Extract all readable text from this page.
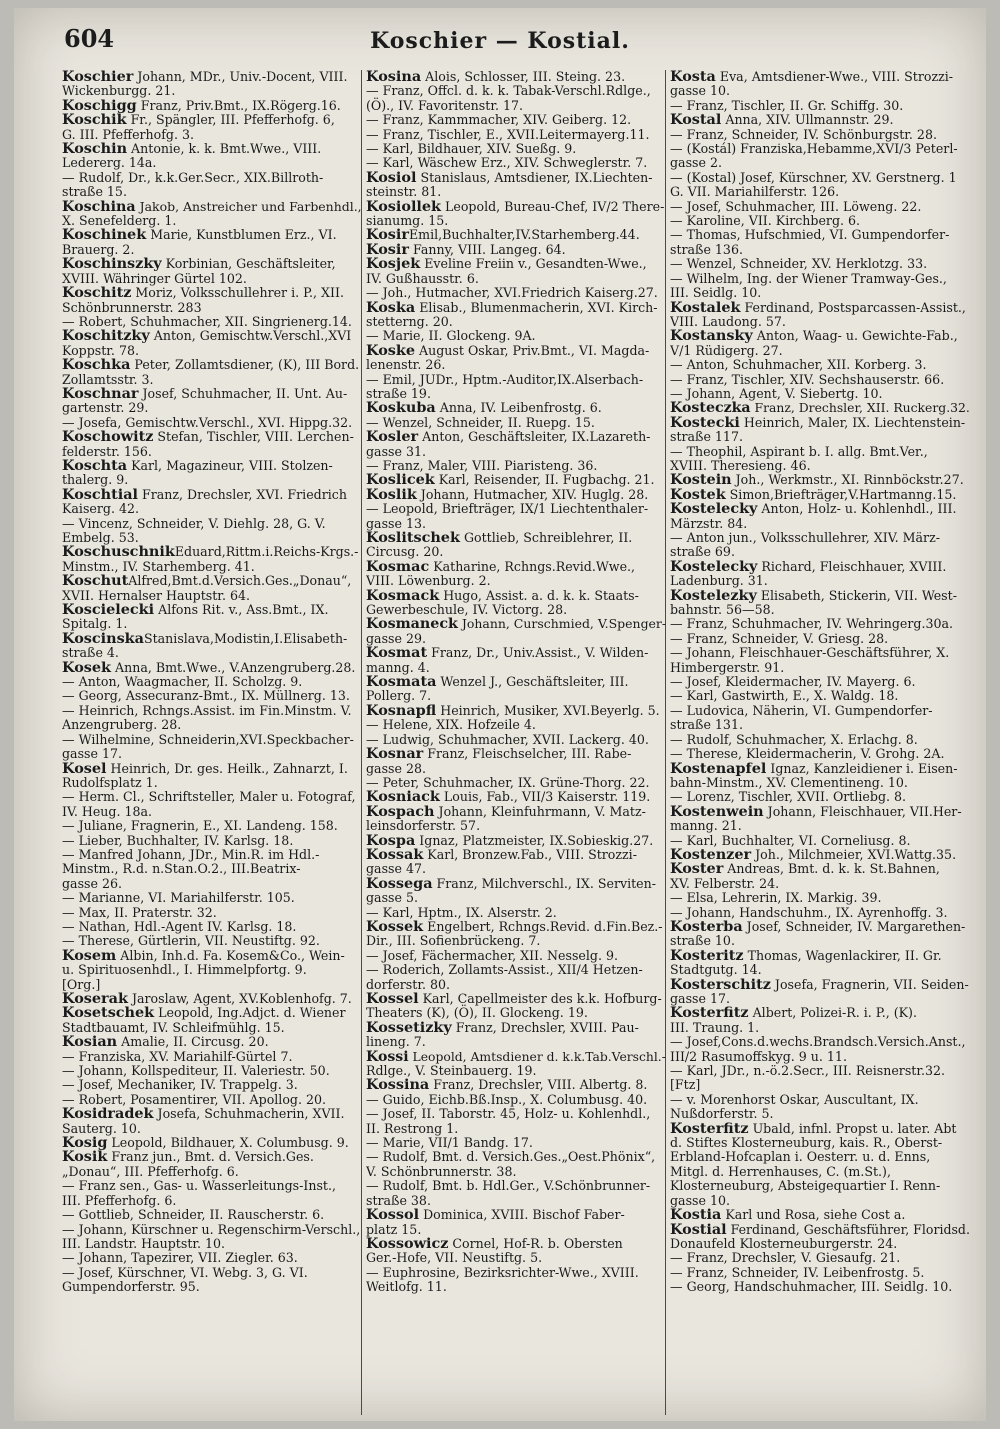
604	Koschier — Kostial.

Koschier Johann, MDr., Univ.-Docent, VIII.

Wickenburgg. 21.

Koschigg Franz, Priv.Bmt., IX.Rögerg.16.

Koschik Fr., Spängler, III. Pfefferhofg. 6,

G. III. Pfefferhofg. 3.

Koschin Antonie, k. k. Bmt.Wwe., VIII.

Ledererg. 14a.

— Rudolf, Dr., k.k.Ger.Secr., XIX.Billroth-

straße 15.

Koschina Jakob, Anstreicher und Farbenhdl.,

X. Senefelderg. 1.

Koschinek Marie, Kunstblumen Erz., VI.

Brauerg. 2.

Koschinszky Korbinian, Geschäftsleiter,

XVIII. Währinger Gürtel 102.

Koschitz Moriz, Volksschullehrer i. P., XII.

Schönbrunnerstr. 283

— Robert, Schuhmacher, XII. Singrienerg.14.

Koschitzky Anton, Gemischtw.Verschl.,XVI

Koppstr. 78.

Koschka Peter, Zollamtsdiener, (K), III Bord.

Zollamtsstr. 3.

Koschnar Josef, Schuhmacher, II. Unt. Au-

gartenstr. 29.

— Josefa, Gemischtw.Verschl., XVI. Hippg.32.

Koschowitz Stefan, Tischler, VIII. Lerchen-

felderstr. 156.

Koschta Karl, Magazineur, VIII. Stolzen-

thalerg. 9.

Koschtial Franz, Drechsler, XVI. Friedrich

Kaiserg. 42.

— Vincenz, Schneider, V. Diehlg. 28, G. V.

Embelg. 53.

KoschuschnikEduard,Rittm.i.Reichs-Krgs.-

Minstm., IV. Starhemberg. 41.

KoschutAlfred,Bmt.d.Versich.Ges.„Donau“,

XVII. Hernalser Hauptstr. 64.

Koscielecki Alfons Rit. v., Ass.Bmt., IX.

Spitalg. 1.

KoscinskaStanislava,Modistin,I.Elisabeth-

straße 4.

Kosek Anna, Bmt.Wwe., V.Anzengruberg.28.

— Anton, Waagmacher, II. Scholzg. 9.

— Georg, Assecuranz-Bmt., IX. Müllnerg. 13.

— Heinrich, Rchngs.Assist. im Fin.Minstm. V.

Anzengruberg. 28.

— Wilhelmine, Schneiderin,XVI.Speckbacher-

gasse 17.

Kosel Heinrich, Dr. ges. Heilk., Zahnarzt, I.

Rudolfsplatz 1.

— Herm. Cl., Schriftsteller, Maler u. Fotograf,

IV. Heug. 18a.

— Juliane, Fragnerin, E., XI. Landeng. 158.

— Lieber, Buchhalter, IV. Karlsg. 18.

— Manfred Johann, JDr., Min.R. im Hdl.-

Minstm., R.d. n.Stan.O.2., III.Beatrix-

gasse 26.

— Marianne, VI. Mariahilferstr. 105.

— Max, II. Praterstr. 32.

— Nathan, Hdl.-Agent IV. Karlsg. 18.

— Therese, Gürtlerin, VII. Neustiftg. 92.

Kosem Albin, Inh.d. Fa. Kosem&Co., Wein-

u. Spirituosenhdl., I. Himmelpfortg. 9.

[Org.]

Koserak Jaroslaw, Agent, XV.Koblenhofg. 7.

Kosetschek Leopold, Ing.Adjct. d. Wiener

Stadtbauamt, IV. Schleifmühlg. 15.

Kosian Amalie, II. Circusg. 20.

— Franziska, XV. Mariahilf-Gürtel 7.

— Johann, Kollspediteur, II. Valeriestr. 50.

— Josef, Mechaniker, IV. Trappelg. 3.

— Robert, Posamentirer, VII. Apollog. 20.

Kosidradek Josefa, Schuhmacherin, XVII.

Sauterg. 10.

Kosig Leopold, Bildhauer, X. Columbusg. 9.

Kosik Franz jun., Bmt. d. Versich.Ges.

„Donau“, III. Pfefferhofg. 6.

— Franz sen., Gas- u. Wasserleitungs-Inst.,

III. Pfefferhofg. 6.

— Gottlieb, Schneider, II. Rauscherstr. 6.

— Johann, Kürschner u. Regenschirm-Verschl.,

III. Landstr. Hauptstr. 10.

— Johann, Tapezirer, VII. Ziegler. 63.

— Josef, Kürschner, VI. Webg. 3, G. VI.

Gumpendorferstr. 95.

Kosina Alois, Schlosser, III. Steing. 23.

— Franz, Offcl. d. k. k. Tabak-Verschl.Rdlge.,

(Ö)., IV. Favoritenstr. 17.

— Franz, Kammmacher, XIV. Geiberg. 12.

— Franz, Tischler, E., XVII.Leitermayerg.11.

— Karl, Bildhauer, XIV. Sueßg. 9.

— Karl, Wäschew Erz., XIV. Schweglerstr. 7.

Kosiol Stanislaus, Amtsdiener, IX.Liechten-

steinstr. 81.

Kosiollek Leopold, Bureau-Chef, IV/2 There-

sianumg. 15.

KosirEmil,Buchhalter,IV.Starhemberg.44.

Kosir Fanny, VIII. Langeg. 64.

Kosjek Eveline Freiin v., Gesandten-Wwe.,

IV. Gußhausstr. 6.

— Joh., Hutmacher, XVI.Friedrich Kaiserg.27.

Koska Elisab., Blumenmacherin, XVI. Kirch-

stetterng. 20.

— Marie, II. Glockeng. 9A.

Koske August Oskar, Priv.Bmt., VI. Magda-

lenenstr. 26.

— Emil, JUDr., Hptm.-Auditor,IX.Alserbach-

straße 19.

Koskuba Anna, IV. Leibenfrostg. 6.

— Wenzel, Schneider, II. Ruepg. 15.

Kosler Anton, Geschäftsleiter, IX.Lazareth-

gasse 31.

— Franz, Maler, VIII. Piaristeng. 36.

Koslicek Karl, Reisender, II. Fugbachg. 21.

Koslik Johann, Hutmacher, XIV. Huglg. 28.

— Leopold, Briefträger, IX/1 Liechtenthaler-

gasse 13.

Koslitschek Gottlieb, Schreiblehrer, II.

Circusg. 20.

Kosmac Katharine, Rchngs.Revid.Wwe.,

VIII. Löwenburg. 2.

Kosmack Hugo, Assist. a. d. k. k. Staats-

Gewerbeschule, IV. Victorg. 28.

Kosmaneck Johann, Curschmied, V.Spenger-

gasse 29.

Kosmat Franz, Dr., Univ.Assist., V. Wilden-

manng. 4.

Kosmata Wenzel J., Geschäftsleiter, III.

Pollerg. 7.

Kosnapfl Heinrich, Musiker, XVI.Beyerlg. 5.

— Helene, XIX. Hofzeile 4.

— Ludwig, Schuhmacher, XVII. Lackerg. 40.

Kosnar Franz, Fleischselcher, III. Rabe-

gasse 28.

— Peter, Schuhmacher, IX. Grüne-Thorg. 22.

Kosniack Louis, Fab., VII/3 Kaiserstr. 119.

Kospach Johann, Kleinfuhrmann, V. Matz-

leinsdorferstr. 57.

Kospa Ignaz, Platzmeister, IX.Sobieskig.27.

Kossak Karl, Bronzew.Fab., VIII. Strozzi-

gasse 47.

Kossega Franz, Milchverschl., IX. Serviten-

gasse 5.

— Karl, Hptm., IX. Alserstr. 2.

Kossek Engelbert, Rchngs.Revid. d.Fin.Bez.-

Dir., III. Sofienbrückeng. 7.

— Josef, Fächermacher, XII. Nesselg. 9.

— Roderich, Zollamts-Assist., XII/4 Hetzen-

dorferstr. 80.

Kossel Karl, Capellmeister des k.k. Hofburg-

Theaters (K), (Ö), II. Glockeng. 19.

Kossetizky Franz, Drechsler, XVIII. Pau-

lineng. 7.

Kossi Leopold, Amtsdiener d. k.k.Tab.Verschl.-

Rdlge., V. Steinbauerg. 19.

Kossina Franz, Drechsler, VIII. Albertg. 8.

— Guido, Eichb.Bß.Insp., X. Columbusg. 40.

— Josef, II. Taborstr. 45, Holz- u. Kohlenhdl.,

II. Restrong 1.

— Marie, VII/1 Bandg. 17.

— Rudolf, Bmt. d. Versich.Ges.„Oest.Phönix“,

V. Schönbrunnerstr. 38.

— Rudolf, Bmt. b. Hdl.Ger., V.Schönbrunner-

straße 38.

Kossol Dominica, XVIII. Bischof Faber-

platz 15.

Kossowicz Cornel, Hof-R. b. Obersten

Ger.-Hofe, VII. Neustiftg. 5.

— Euphrosine, Bezirksrichter-Wwe., XVIII.

Weitlofg. 11.

Kosta Eva, Amtsdiener-Wwe., VIII. Strozzi-

gasse 10.

— Franz, Tischler, II. Gr. Schiffg. 30.

Kostal Anna, XIV. Ullmannstr. 29.

— Franz, Schneider, IV. Schönburgstr. 28.

— (Kostál) Franziska,Hebamme,XVI/3 Peterl-

gasse 2.

— (Kostal) Josef, Kürschner, XV. Gerstnerg. 1

G. VII. Mariahilferstr. 126.

— Josef, Schuhmacher, III. Löweng. 22.

— Karoline, VII. Kirchberg. 6.

— Thomas, Hufschmied, VI. Gumpendorfer-

straße 136.

— Wenzel, Schneider, XV. Herklotzg. 33.

— Wilhelm, Ing. der Wiener Tramway-Ges.,

III. Seidlg. 10.

Kostalek Ferdinand, Postsparcassen-Assist.,

VIII. Laudong. 57.

Kostansky Anton, Waag- u. Gewichte-Fab.,

V/1 Rüdigerg. 27.

— Anton, Schuhmacher, XII. Korberg. 3.

— Franz, Tischler, XIV. Sechshauserstr. 66.

— Johann, Agent, V. Siebertg. 10.

Kosteczka Franz, Drechsler, XII. Ruckerg.32.

Kostecki Heinrich, Maler, IX. Liechtenstein-

straße 117.

— Theophil, Aspirant b. I. allg. Bmt.Ver.,

XVIII. Theresieng. 46.

Kostein Joh., Werkmstr., XI. Rinnböckstr.27.

Kostek Simon,Briefträger,V.Hartmanng.15.

Kostelecky Anton, Holz- u. Kohlenhdl., III.

Märzstr. 84.

— Anton jun., Volksschullehrer, XIV. März-

straße 69.

Kostelecky Richard, Fleischhauer, XVIII.

Ladenburg. 31.

Kostelezky Elisabeth, Stickerin, VII. West-

bahnstr. 56—58.

— Franz, Schuhmacher, IV. Wehringerg.30a.

— Franz, Schneider, V. Griesg. 28.

— Johann, Fleischhauer-Geschäftsführer, X.

Himbergerstr. 91.

— Josef, Kleidermacher, IV. Mayerg. 6.

— Karl, Gastwirth, E., X. Waldg. 18.

— Ludovica, Näherin, VI. Gumpendorfer-

straße 131.

— Rudolf, Schuhmacher, X. Erlachg. 8.

— Therese, Kleidermacherin, V. Grohg. 2A.

Kostenapfel Ignaz, Kanzleidiener i. Eisen-

bahn-Minstm., XV. Clementineng. 10.

— Lorenz, Tischler, XVII. Ortliebg. 8.

Kostenwein Johann, Fleischhauer, VII.Her-

manng. 21.

— Karl, Buchhalter, VI. Corneliusg. 8.

Kostenzer Joh., Milchmeier, XVI.Wattg.35.

Koster Andreas, Bmt. d. k. k. St.Bahnen,

XV. Felberstr. 24.

— Elsa, Lehrerin, IX. Markig. 39.

— Johann, Handschuhm., IX. Ayrenhoffg. 3.

Kosterba Josef, Schneider, IV. Margarethen-

straße 10.

Kosteritz Thomas, Wagenlackirer, II. Gr.

Stadtgutg. 14.

Kosterschitz Josefa, Fragnerin, VII. Seiden-

gasse 17.

Kosterfitz Albert, Polizei-R. i. P., (K).

III. Traung. 1.

— Josef,Cons.d.wechs.Brandsch.Versich.Anst.,

III/2 Rasumoffskyg. 9 u. 11.

— Karl, JDr., n.-ö.2.Secr., III. Reisnerstr.32.

[Ftz]

— v. Morenhorst Oskar, Auscultant, IX.

Nußdorferstr. 5.

Kosterfitz Ubald, infnl. Propst u. later. Abt

d. Stiftes Klosterneuburg, kais. R., Oberst-

Erbland-Hofcaplan i. Oesterr. u. d. Enns,

Mitgl. d. Herrenhauses, C. (m.St.),

Klosterneuburg, Absteigequartier I. Renn-

gasse 10.

Kostia Karl und Rosa, siehe Cost a.

Kostial Ferdinand, Geschäftsführer, Floridsd.

Donaufeld Klosterneuburgerstr. 24.

— Franz, Drechsler, V. Giesaufg. 21.

— Franz, Schneider, IV. Leibenfrostg. 5.

— Georg, Handschuhmacher, III. Seidlg. 10.
